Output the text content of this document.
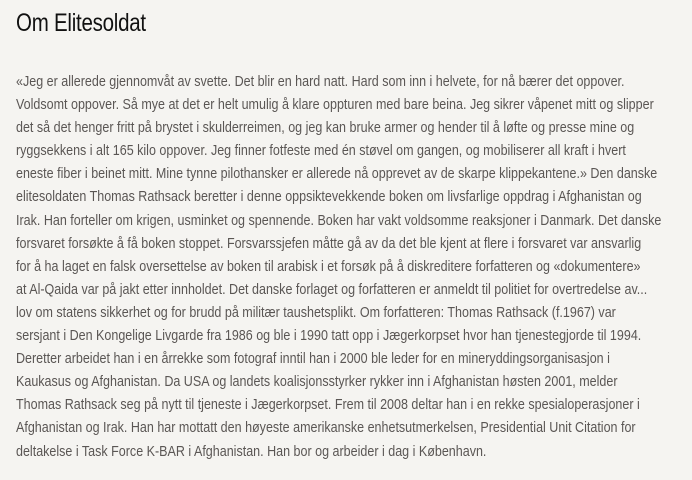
Om Elitesoldat
«Jeg er allerede gjennomvåt av svette. Det blir en hard natt. Hard som inn i helvete, for nå bærer det oppover.
Voldsomt oppover. Så mye at det er helt umulig å klare oppturen med bare beina. Jeg sikrer våpenet mitt og slipper
det så det henger fritt på brystet i skulderreimen, og jeg kan bruke armer og hender til å løfte og presse mine og
ryggsekkens i alt 165 kilo oppover. Jeg finner fotfeste med én støvel om gangen, og mobiliserer all kraft i hvert
eneste fiber i beinet mitt. Mine tynne pilothansker er allerede nå opprevet av de skarpe klippekantene.» Den danske
elitesoldaten Thomas Rathsack beretter i denne oppsiktevekkende boken om livsfarlige oppdrag i Afghanistan og
Irak. Han forteller om krigen, usminket og spennende. Boken har vakt voldsomme reaksjoner i Danmark. Det danske
forsvaret forsøkte å få boken stoppet. Forsvarssjefen måtte gå av da det ble kjent at flere i forsvaret var ansvarlig
for å ha laget en falsk oversettelse av boken til arabisk i et forsøk på å diskreditere forfatteren og «dokumentere»
at Al-Qaida var på jakt etter innholdet. Det danske forlaget og forfatteren er anmeldt til politiet for overtredelse av...
lov om statens sikkerhet og for brudd på militær taushetsplikt. Om forfatteren: Thomas Rathsack (f.1967) var
sersjant i Den Kongelige Livgarde fra 1986 og ble i 1990 tatt opp i Jægerkorpset hvor han tjenestegjorde til 1994.
Deretter arbeidet han i en årrekke som fotograf inntil han i 2000 ble leder for en mineryddingsorganisasjon i
Kaukasus og Afghanistan. Da USA og landets koalisjonsstyrker rykker inn i Afghanistan høsten 2001, melder
Thomas Rathsack seg på nytt til tjeneste i Jægerkorpset. Frem til 2008 deltar han i en rekke spesialoperasjoner i
Afghanistan og Irak. Han har mottatt den høyeste amerikanske enhetsutmerkelsen, Presidential Unit Citation for
deltakelse i Task Force K-BAR i Afghanistan. Han bor og arbeider i dag i København.
